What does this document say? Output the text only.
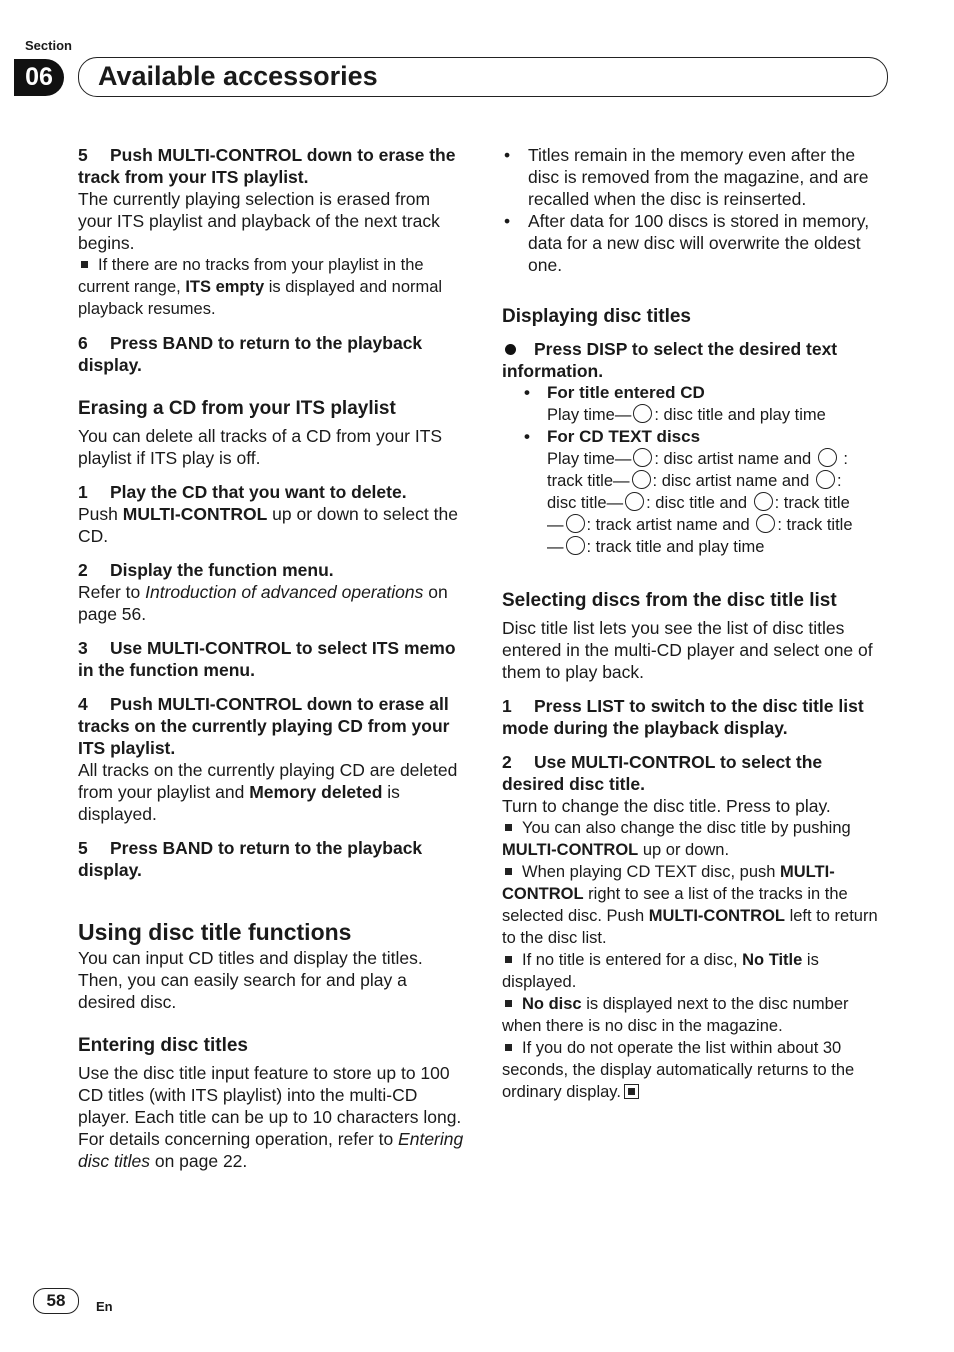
Section
06	Available accessories

5 Push MULTI-CONTROL down to erase the track from your ITS playlist.

The currently playing selection is erased from your ITS playlist and playback of the next track begins.

If there are no tracks from your playlist in the current range, ITS empty is displayed and normal playback resumes.

6 Press BAND to return to the playback display.

Erasing a CD from your ITS playlist

You can delete all tracks of a CD from your ITS playlist if ITS play is off.

1 Play the CD that you want to delete.

Push MULTI-CONTROL up or down to select the CD.

2 Display the function menu.

Refer to Introduction of advanced operations on page 56.

3 Use MULTI-CONTROL to select ITS memo in the function menu.

4 Push MULTI-CONTROL down to erase all tracks on the currently playing CD from your ITS playlist.

All tracks on the currently playing CD are deleted from your playlist and Memory deleted is displayed.

5 Press BAND to return to the playback display.

Using disc title functions

You can input CD titles and display the titles. Then, you can easily search for and play a desired disc.

Entering disc titles

Use the disc title input feature to store up to 100 CD titles (with ITS playlist) into the multi-CD player. Each title can be up to 10 characters long.

For details concerning operation, refer to Entering disc titles on page 22.

• Titles remain in the memory even after the disc is removed from the magazine, and are recalled when the disc is reinserted.
• After data for 100 discs is stored in memory, data for a new disc will overwrite the oldest one.

Displaying disc titles

Press DISP to select the desired text information.

• For title entered CD
Play time— : disc title and play time
• For CD TEXT discs
Play time— : disc artist name and  :
track title— : disc artist name and :
disc title— : disc title and : track title
— : track artist name and : track title
— : track title and play time

Selecting discs from the disc title list

Disc title list lets you see the list of disc titles entered in the multi-CD player and select one of them to play back.

1 Press LIST to switch to the disc title list mode during the playback display.

2 Use MULTI-CONTROL to select the desired disc title.

Turn to change the disc title. Press to play.

You can also change the disc title by pushing MULTI-CONTROL up or down.

When playing CD TEXT disc, push MULTI-CONTROL right to see a list of the tracks in the selected disc. Push MULTI-CONTROL left to return to the disc list.

If no title is entered for a disc, No Title is displayed.

No disc is displayed next to the disc number when there is no disc in the magazine.

If you do not operate the list within about 30 seconds, the display automatically returns to the ordinary display.

58	En
